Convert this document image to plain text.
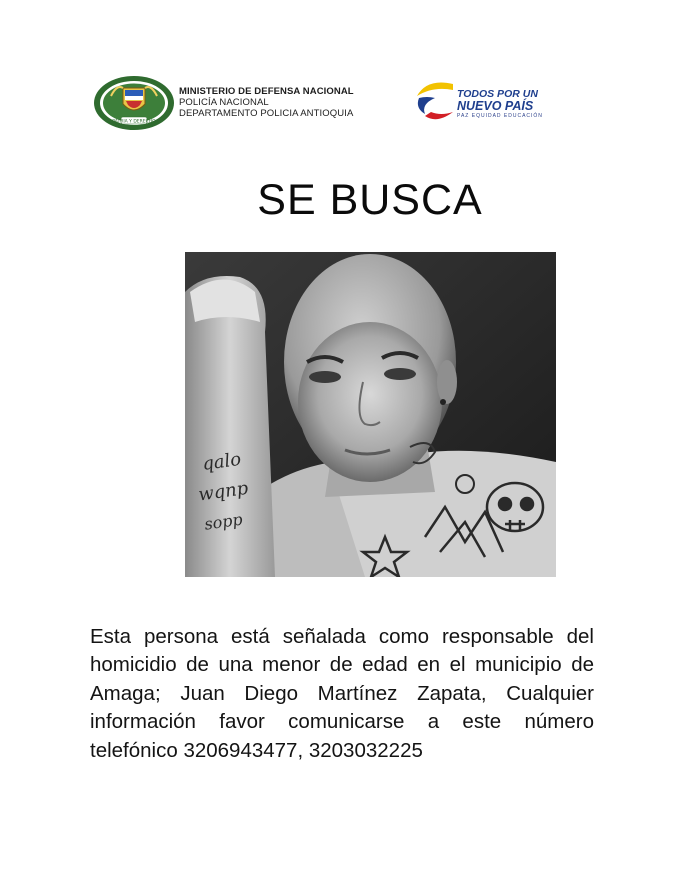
PATRIA Y DERECHO
MINISTERIO DE DEFENSA NACIONAL
POLICÍA NACIONAL
DEPARTAMENTO POLICIA ANTIOQUIA
TODOS POR UN
NUEVO PAÍS
PAZ EQUIDAD EDUCACIÓN
SE BUSCA
qalo
wqnp
sopp

Esta persona está señalada como responsable del homicidio de una menor de edad en el municipio de Amaga; Juan Diego Martínez Zapata, Cualquier información favor comunicarse a este número telefónico 3206943477, 3203032225
